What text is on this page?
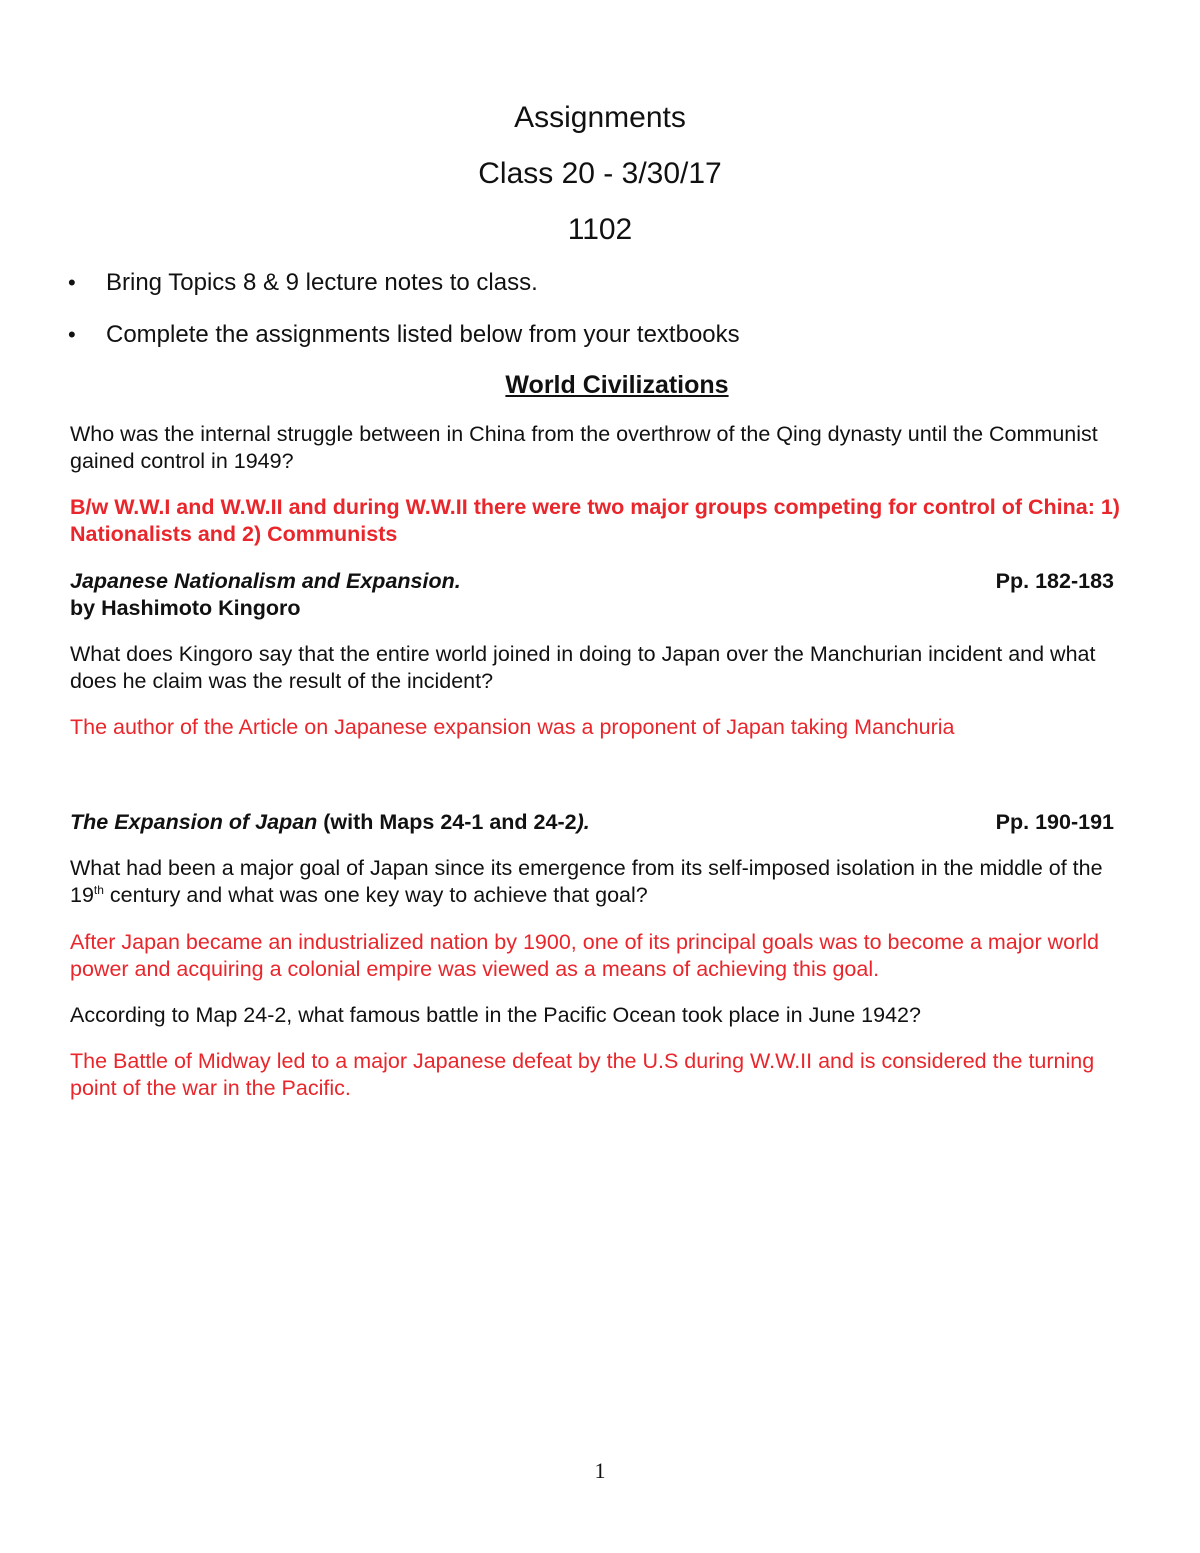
Assignments
Class 20 - 3/30/17
1102
• Bring Topics 8 & 9 lecture notes to class.
• Complete the assignments listed below from your textbooks
World Civilizations
Who was the internal struggle between in China from the overthrow of the Qing dynasty until the Communist gained control in 1949?
B/w W.W.I and W.W.II and during W.W.II there were two major groups competing for control of China: 1) Nationalists and 2) Communists
Japanese Nationalism and Expansion.	Pp. 182-183
by Hashimoto Kingoro
What does Kingoro say that the entire world joined in doing to Japan over the Manchurian incident and what does he claim was the result of the incident?
The author of the Article on Japanese expansion was a proponent of Japan taking Manchuria
The Expansion of Japan (with Maps 24-1 and 24-2).	Pp. 190-191
What had been a major goal of Japan since its emergence from its self-imposed isolation in the middle of the 19th century and what was one key way to achieve that goal?
After Japan became an industrialized nation by 1900, one of its principal goals was to become a major world power and acquiring a colonial empire was viewed as a means of achieving this goal.
According to Map 24-2, what famous battle in the Pacific Ocean took place in June 1942?
The Battle of Midway led to a major Japanese defeat by the U.S during W.W.II and is considered the turning point of the war in the Pacific.
1
